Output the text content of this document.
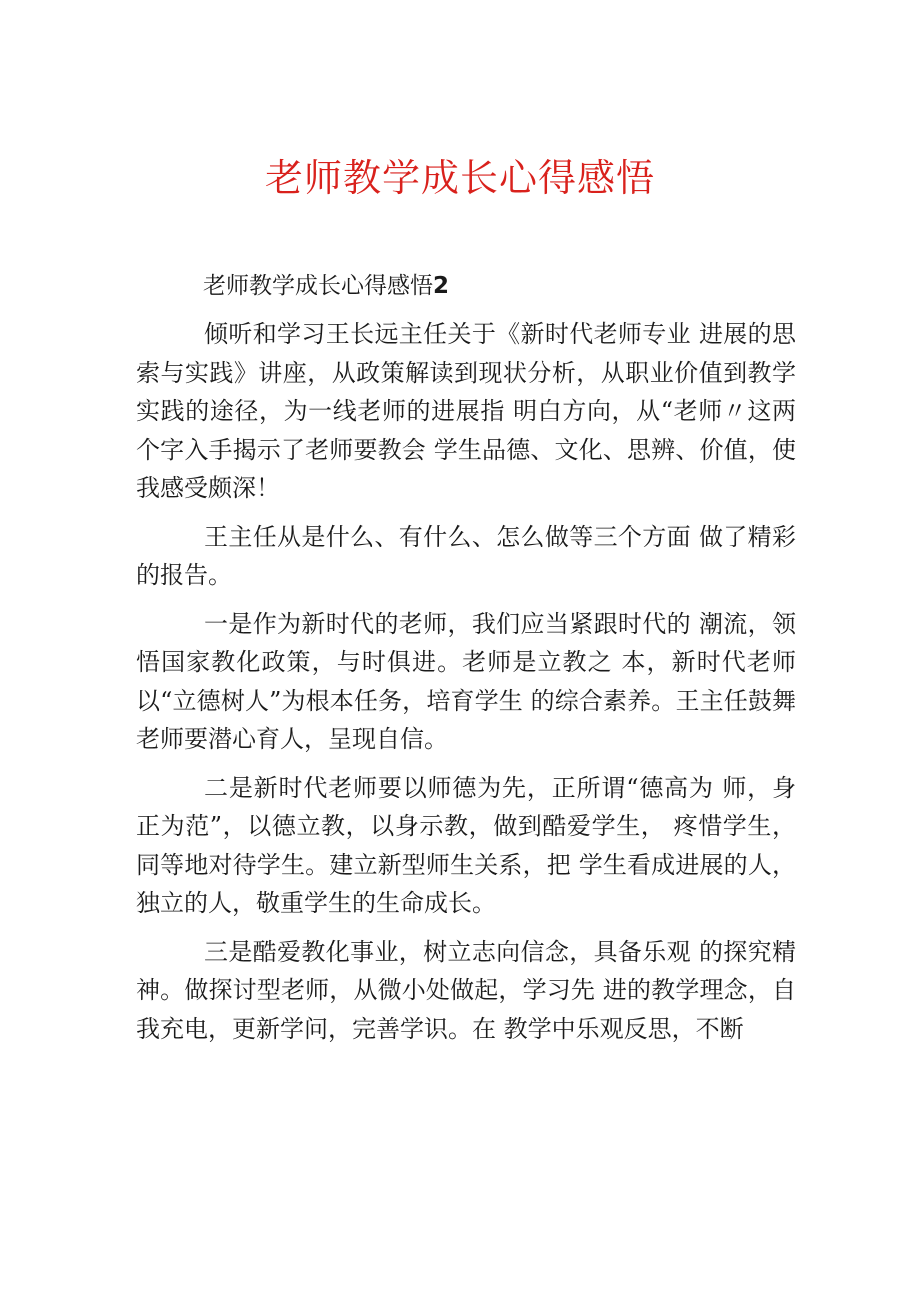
老师教学成长心得感悟

老师教学成长心得感悟2

倾听和学习王长远主任关于《新时代老师专业 进展的思索与实践》讲座，从政策解读到现状分析，从职业价值到教学实践的途径，为一线老师的进展指 明白方向，从“老师〃这两个字入手揭示了老师要教会 学生品德、文化、思辨、价值，使我感受颇深！

王主任从是什么、有什么、怎么做等三个方面 做了精彩的报告。

一是作为新时代的老师，我们应当紧跟时代的 潮流，领悟国家教化政策，与时俱进。老师是立教之 本，新时代老师以“立德树人”为根本任务，培育学生 的综合素养。王主任鼓舞老师要潜心育人，呈现自信。

二是新时代老师要以师德为先，正所谓“德高为 师，身正为范”，以德立教，以身示教，做到酷爱学生， 疼惜学生，同等地对待学生。建立新型师生关系，把 学生看成进展的人，独立的人，敬重学生的生命成长。

三是酷爱教化事业，树立志向信念，具备乐观 的探究精神。做探讨型老师，从微小处做起，学习先 进的教学理念，自我充电，更新学问，完善学识。在 教学中乐观反思，不断
